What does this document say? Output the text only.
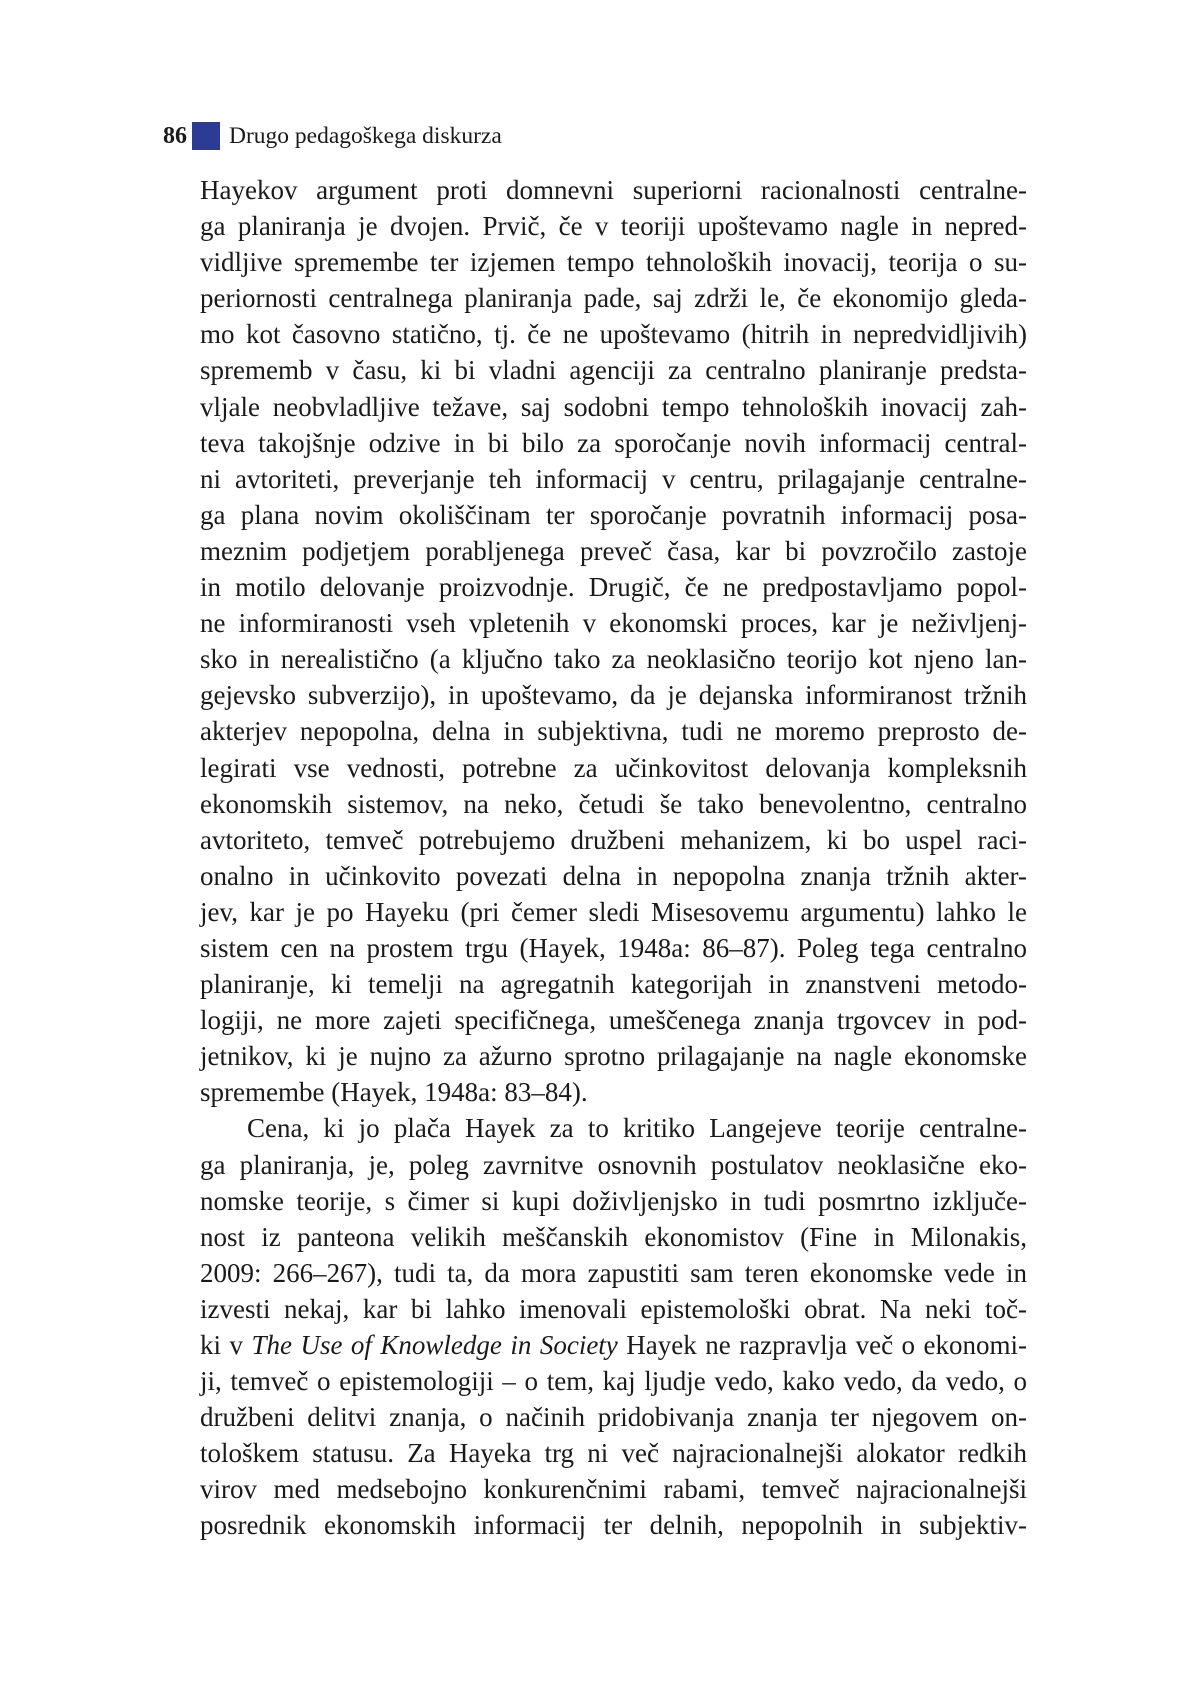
86 Drugo pedagoškega diskurza
Hayekov argument proti domnevni superiorni racionalnosti centralne-
ga planiranja je dvojen. Prvič, če v teoriji upoštevamo nagle in nepred-
vidljive spremembe ter izjemen tempo tehnoloških inovacij, teorija o su-
periornosti centralnega planiranja pade, saj zdrži le, če ekonomijo gleda-
mo kot časovno statično, tj. če ne upoštevamo (hitrih in nepredvidljivih)
sprememb v času, ki bi vladni agenciji za centralno planiranje predsta-
vljale neobvladljive težave, saj sodobni tempo tehnoloških inovacij zah-
teva takojšnje odzive in bi bilo za sporočanje novih informacij central-
ni avtoriteti, preverjanje teh informacij v centru, prilagajanje centralne-
ga plana novim okoliščinam ter sporočanje povratnih informacij posa-
meznim podjetjem porabljenega preveč časa, kar bi povzročilo zastoje
in motilo delovanje proizvodnje. Drugič, če ne predpostavljamo popol-
ne informiranosti vseh vpletenih v ekonomski proces, kar je neživljenj-
sko in nerealistično (a ključno tako za neoklasično teorijo kot njeno lan-
gejevsko subverzijo), in upoštevamo, da je dejanska informiranost tržnih
akterjev nepopolna, delna in subjektivna, tudi ne moremo preprosto de-
legirati vse vednosti, potrebne za učinkovitost delovanja kompleksnih
ekonomskih sistemov, na neko, četudi še tako benevolentno, centralno
avtoriteto, temveč potrebujemo družbeni mehanizem, ki bo uspel raci-
onalno in učinkovito povezati delna in nepopolna znanja tržnih akter-
jev, kar je po Hayeku (pri čemer sledi Misesovemu argumentu) lahko le
sistem cen na prostem trgu (Hayek, 1948a: 86–87). Poleg tega centralno
planiranje, ki temelji na agregatnih kategorijah in znanstveni metodo-
logiji, ne more zajeti specifičnega, umeščenega znanja trgovcev in pod-
jetnikov, ki je nujno za ažurno sprotno prilagajanje na nagle ekonomske
spremembe (Hayek, 1948a: 83–84).
Cena, ki jo plača Hayek za to kritiko Langejeve teorije centralne-
ga planiranja, je, poleg zavrnitve osnovnih postulatov neoklasične eko-
nomske teorije, s čimer si kupi doživljenjsko in tudi posmrtno izključe-
nost iz panteona velikih meščanskih ekonomistov (Fine in Milonakis,
2009: 266–267), tudi ta, da mora zapustiti sam teren ekonomske vede in
izvesti nekaj, kar bi lahko imenovali epistemološki obrat. Na neki toč-
ki v The Use of Knowledge in Society Hayek ne razpravlja več o ekonomi-
ji, temveč o epistemologiji – o tem, kaj ljudje vedo, kako vedo, da vedo, o
družbeni delitvi znanja, o načinih pridobivanja znanja ter njegovem on-
tološkem statusu. Za Hayeka trg ni več najracionalnejši alokator redkih
virov med medsebojno konkurenčnimi rabami, temveč najracionalnejši
posrednik ekonomskih informacij ter delnih, nepopolnih in subjektiv-
